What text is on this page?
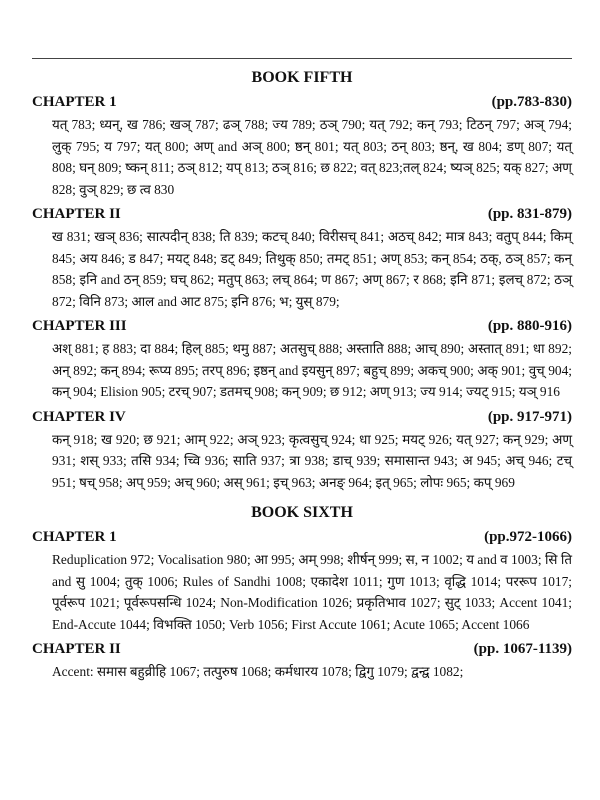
BOOK FIFTH
CHAPTER 1	(pp.783-830)

यत् 783; ध्यन्, ख 786; खञ् 787; ढञ् 788; ज्य 789; ठञ् 790; यत् 792; कन् 793; टिठन् 797; अञ् 794; लुक् 795; य 797; यत् 800; अण् and अञ् 800; ष्ठन् 801; यत् 803; ठन् 803; ष्ठन्, ख 804; डण् 807; यत् 808; घन् 809; ष्कन् 811; ठञ् 812; यप् 813; ठञ् 816; छ 822; वत् 823;तल् 824; ष्यञ् 825; यक् 827; अण् 828; वुञ् 829; छ त्व 830

CHAPTER II	(pp. 831-879)

ख 831; खञ् 836; सात्पदीन् 838; ति 839; कटच् 840; विरीसच् 841; अठच् 842; मात्र 843; वतुप् 844; किम् 845; अय 846; ड 847; मयट् 848; डट् 849; तिथुक् 850; तमट् 851; अण् 853; कन् 854; ठक्, ठञ् 857; कन् 858; इनि and ठन् 859; घच् 862; मतुप् 863; लच् 864; ण 867; अण् 867; र 868; इनि 871; इलच् 872; ठञ् 872; विनि 873; आल and आट 875; इनि 876; भ; युस् 879;

CHAPTER III	(pp. 880-916)

अश् 881; ह 883; दा 884; हिल् 885; थमु 887; अतसुच् 888; अस्ताति 888; आच् 890; अस्तात् 891; धा 892; अन् 892; कन् 894; रूप्य 895; तरप् 896; इष्ठन् and इयसुन् 897; बहुच् 899; अकच् 900; अक् 901; वुच् 904; कन् 904; Elision 905; टरच् 907; डतमच् 908; कन् 909; छ 912; अण् 913; ज्य 914; ज्यट् 915; यञ् 916

CHAPTER IV	(pp. 917-971)

कन् 918; ख 920; छ 921; आम् 922; अञ् 923; कृत्वसुच् 924; धा 925; मयट् 926; यत् 927; कन् 929; अण् 931; शस् 933; तसि 934; च्वि 936; साति 937; त्रा 938; डाच् 939; समासान्त 943; अ 945; अच् 946; टच् 951; षच् 958; अप् 959; अच् 960; अस् 961; इच् 963; अनङ् 964; इत् 965; लोपः 965; कप् 969

BOOK SIXTH
CHAPTER 1	(pp.972-1066)

Reduplication 972; Vocalisation 980; आ 995; अम् 998; शीर्षन् 999; स, न 1002; य and व 1003; सि ति and सु 1004; तुक् 1006; Rules of Sandhi 1008; एकादेश 1011; गुण 1013; वृद्धि 1014; पररूप 1017; पूर्वरूप 1021; पूर्वरूपसन्धि 1024; Non-Modification 1026; प्रकृतिभाव 1027; सुट् 1033; Accent 1041; End-Accute 1044; विभक्ति 1050; Verb 1056; First Accute 1061; Acute 1065; Accent 1066

CHAPTER II	(pp. 1067-1139)

Accent: समास बहुव्रीहि 1067; तत्पुरुष 1068; कर्मधारय 1078; द्विगु 1079; द्वन्द्व 1082;
